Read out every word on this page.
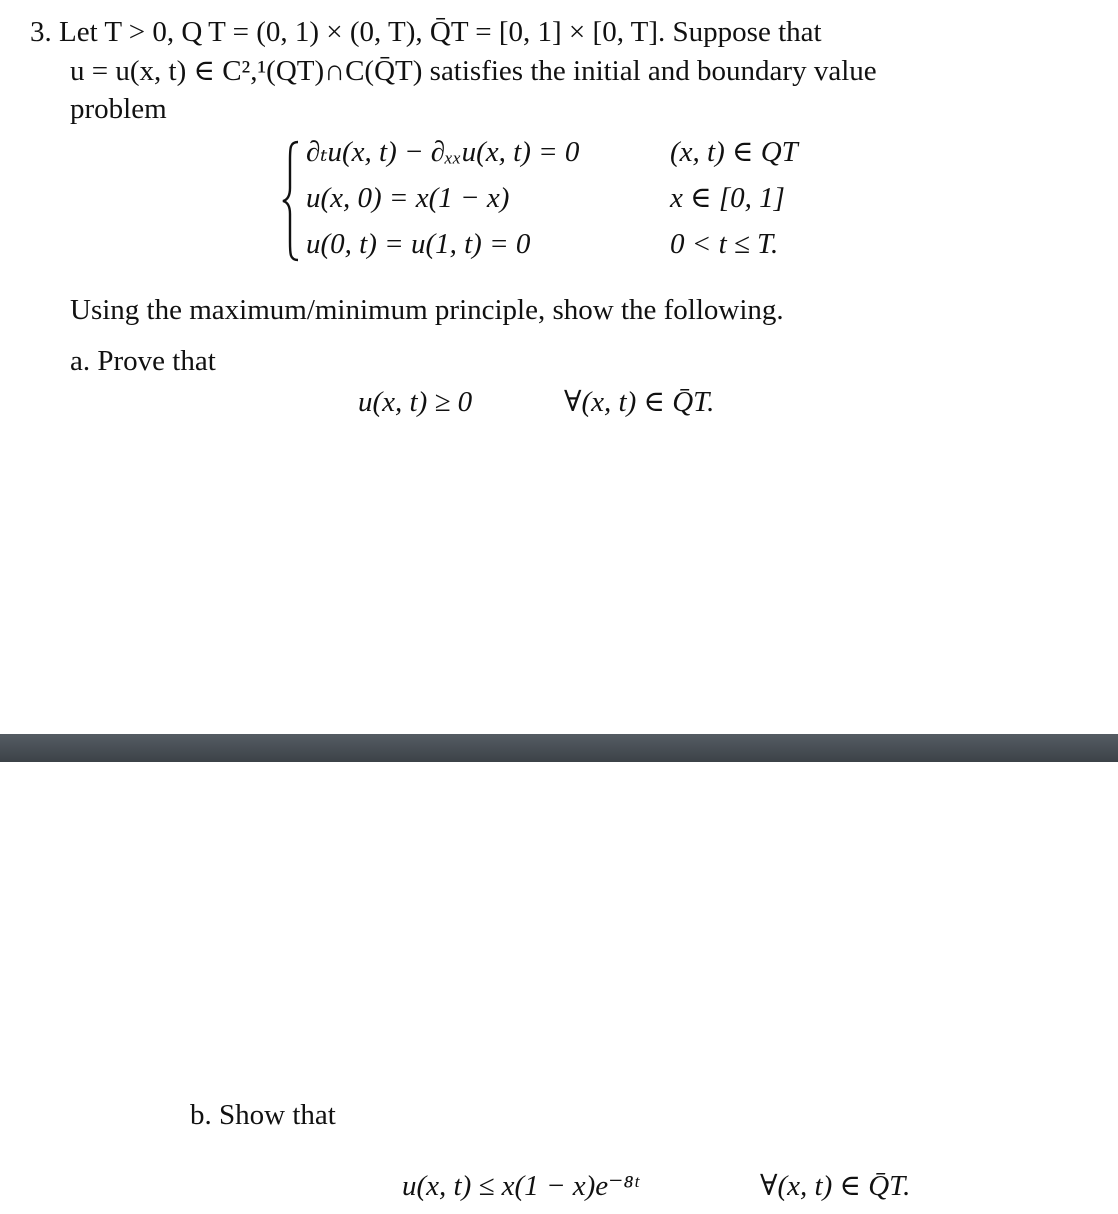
3. Let T > 0, Q T = (0, 1) × (0, T), Q̄T = [0, 1] × [0, T]. Suppose that
u = u(x, t) ∈ C²,¹(QT)∩C(Q̄T) satisfies the initial and boundary value
problem
∂ₜu(x, t) − ∂ₓₓu(x, t) = 0
u(x, 0) = x(1 − x)
u(0, t) = u(1, t) = 0
(x, t) ∈ QT
x ∈ [0, 1]
0 < t ≤ T.
Using the maximum/minimum principle, show the following.
a. Prove that
u(x, t) ≥ 0	∀(x, t) ∈ Q̄T.
b. Show that
u(x, t) ≤ x(1 − x)e⁻⁸ᵗ	∀(x, t) ∈ Q̄T.
